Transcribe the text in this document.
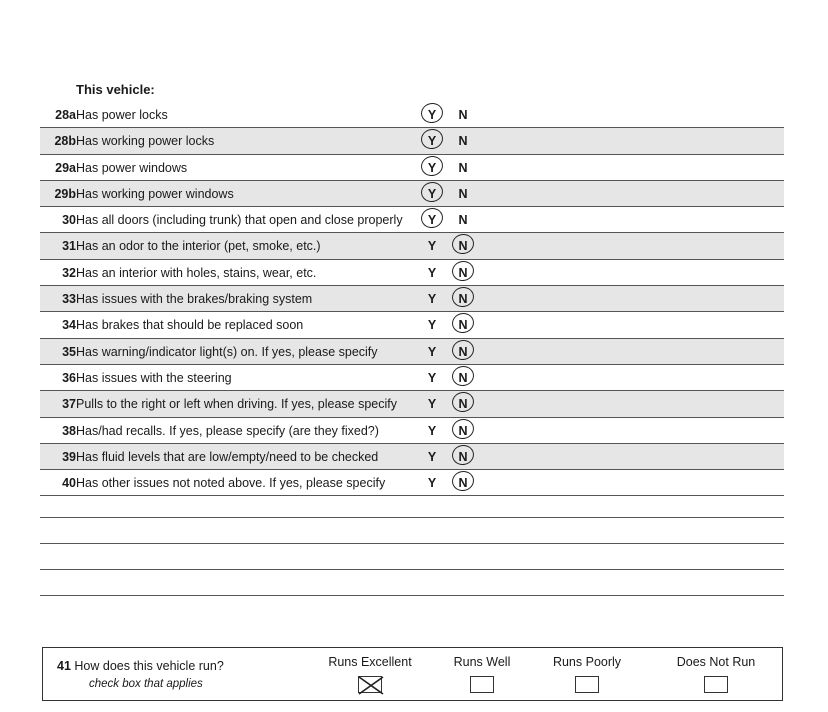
This vehicle:
28a Has power locks	Y N
28b Has working power locks	Y N
29a Has power windows	Y N
29b Has working power windows	Y N
30 Has all doors (including trunk) that open and close properly Y N
31 Has an odor to the interior (pet, smoke, etc.)	Y N
32 Has an interior with holes, stains, wear, etc.	Y N
33 Has issues with the brakes/braking system	Y N
34 Has brakes that should be replaced soon	Y N
35 Has warning/indicator light(s) on. If yes, please specify	Y N
36 Has issues with the steering	Y N
37 Pulls to the right or left when driving. If yes, please specify Y N
38 Has/had recalls. If yes, please specify (are they fixed?)	Y N
39 Has fluid levels that are low/empty/need to be checked	Y N
40 Has other issues not noted above. If yes, please specify	Y N
41 How does this vehicle run?
check box that applies
Runs Excellent	Runs Well	Runs Poorly	Does Not Run
